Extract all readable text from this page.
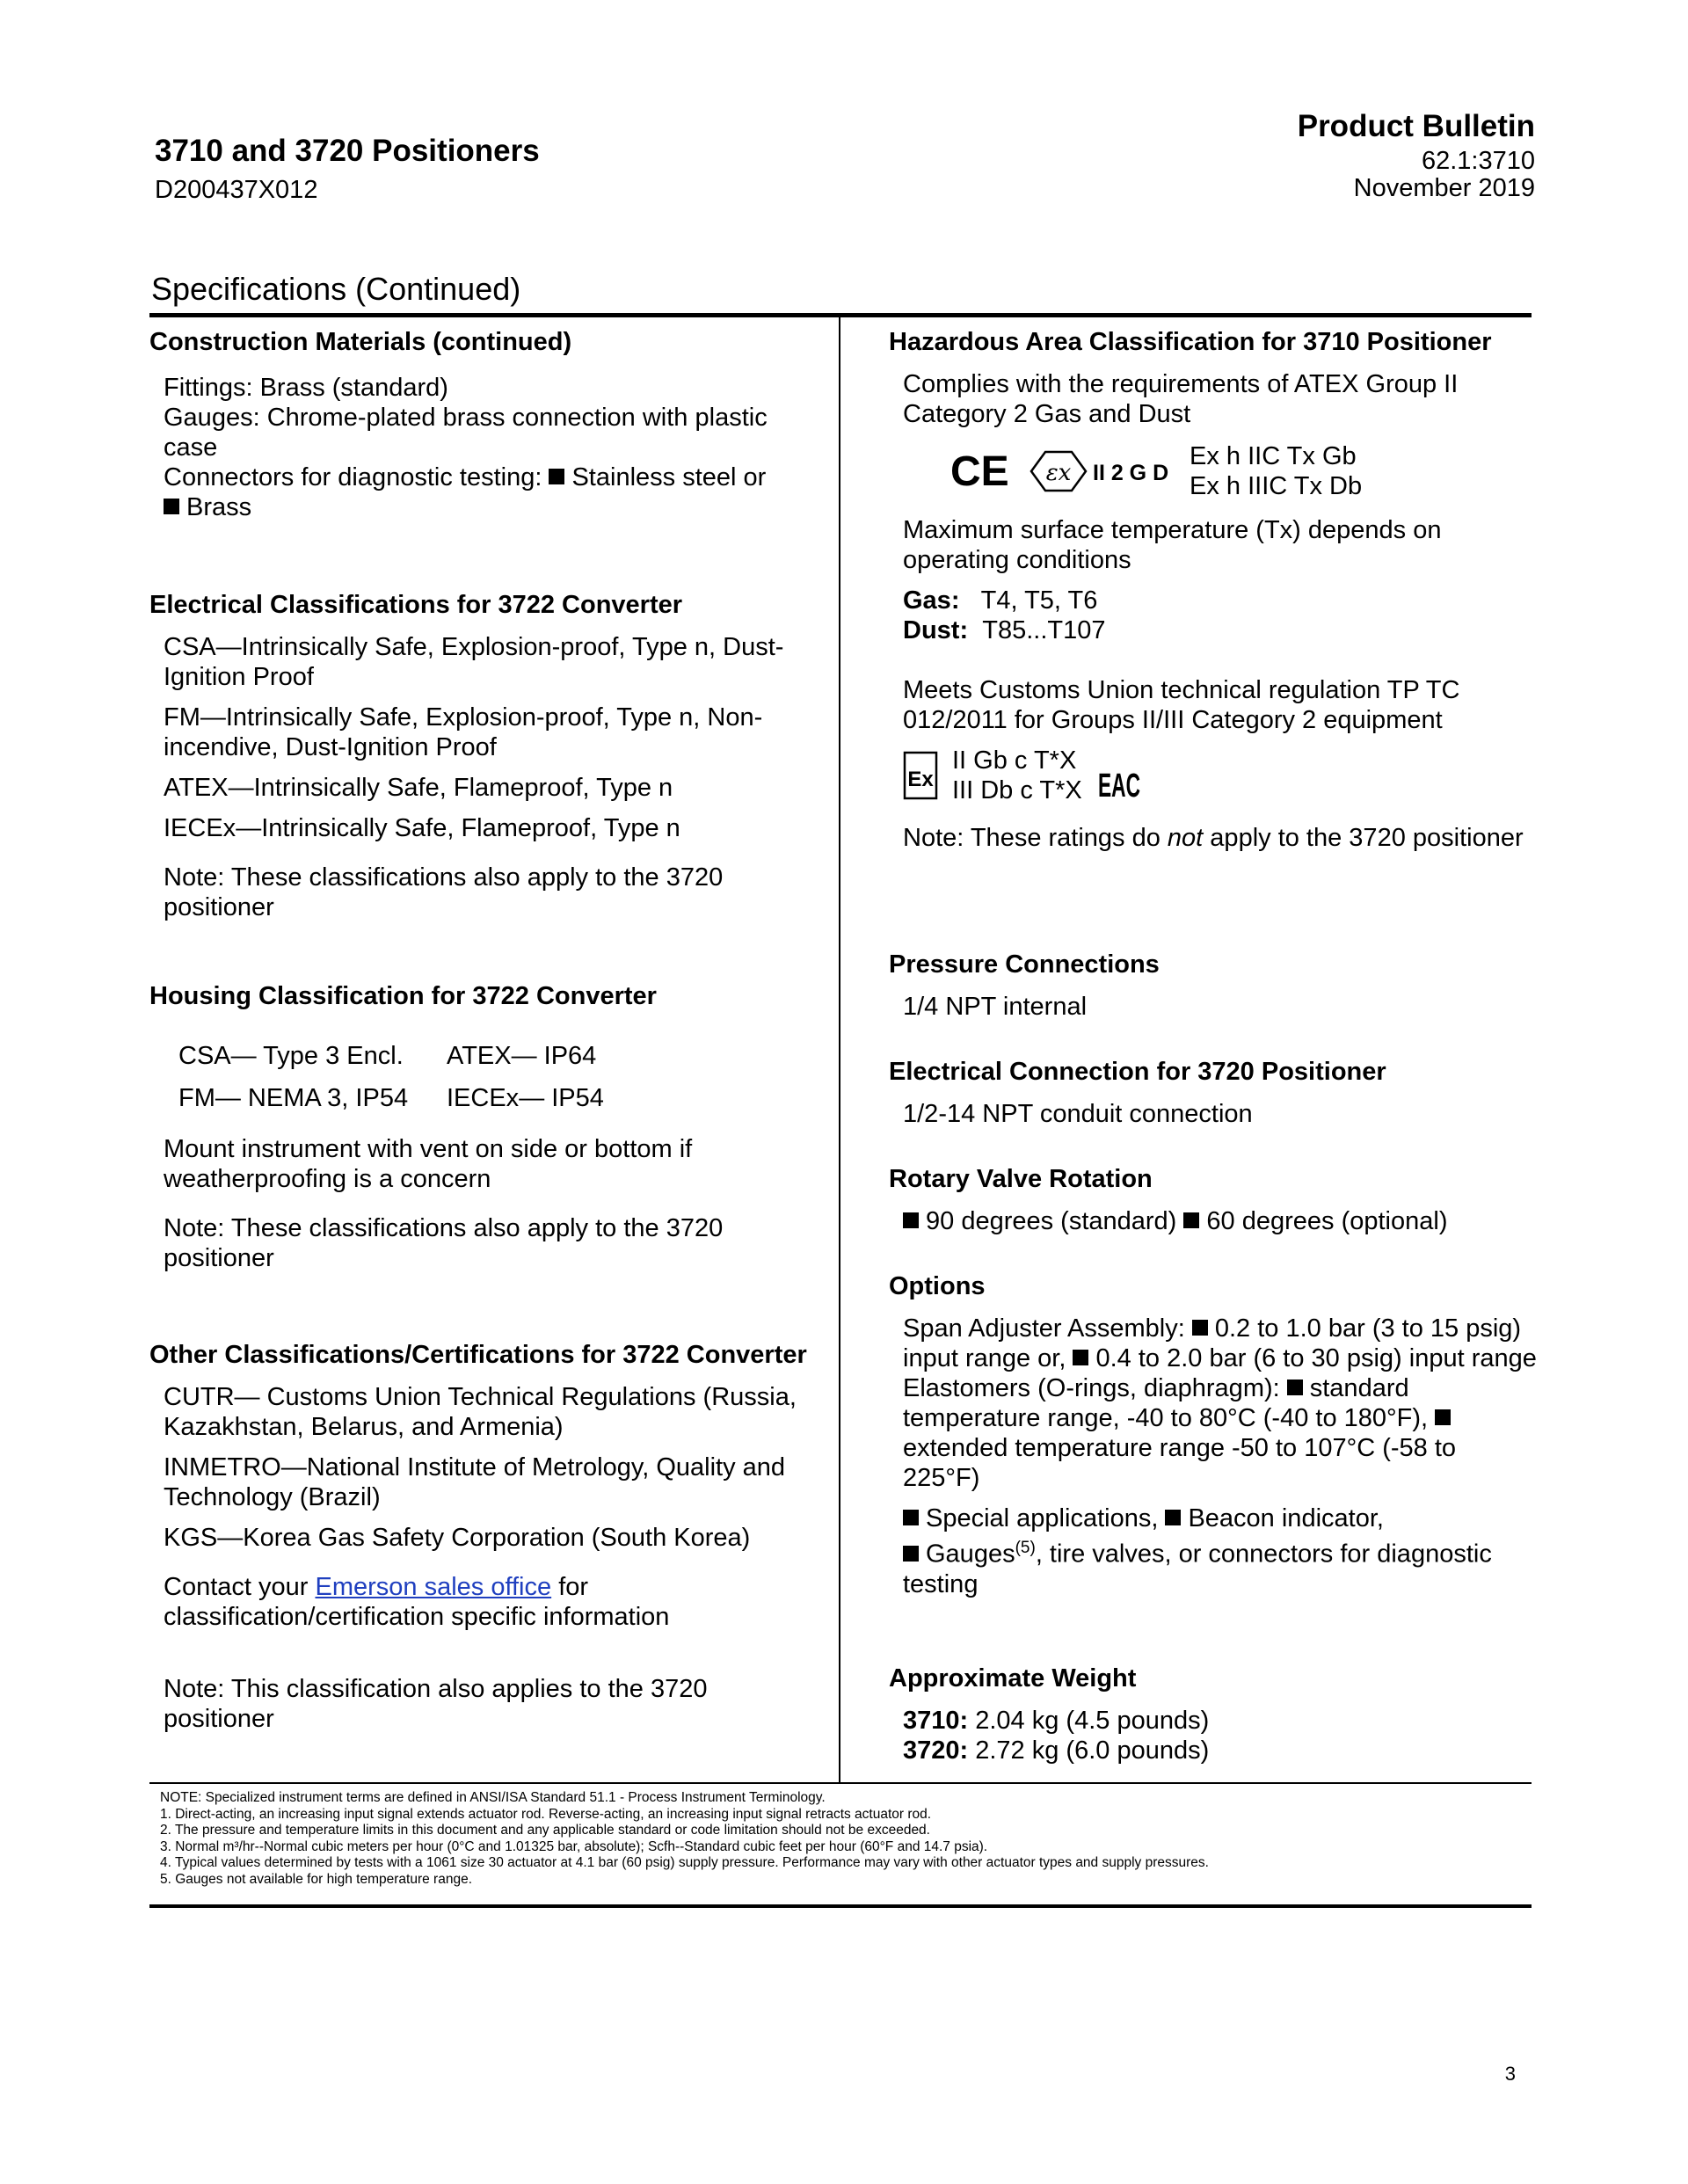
3710 and 3720 Positioners
D200437X012
Product Bulletin
62.1:3710
November 2019
Specifications (Continued)
Construction Materials (continued)
Fittings: Brass (standard)
Gauges: Chrome-plated brass connection with plastic case
Connectors for diagnostic testing: Stainless steel or
Brass
Electrical Classifications for 3722 Converter
CSA—Intrinsically Safe, Explosion-proof, Type n, Dust-Ignition Proof
FM—Intrinsically Safe, Explosion-proof, Type n, Non-incendive, Dust-Ignition Proof
ATEX—Intrinsically Safe, Flameproof, Type n
IECEx—Intrinsically Safe, Flameproof, Type n
Note: These classifications also apply to the 3720 positioner
Housing Classification for 3722 Converter
CSA— Type 3 Encl.	ATEX— IP64
FM— NEMA 3, IP54	IECEx— IP54
Mount instrument with vent on side or bottom if weatherproofing is a concern
Note: These classifications also apply to the 3720 positioner
Other Classifications/Certifications for 3722 Converter
CUTR— Customs Union Technical Regulations (Russia, Kazakhstan, Belarus, and Armenia)
INMETRO—National Institute of Metrology, Quality and Technology (Brazil)
KGS—Korea Gas Safety Corporation (South Korea)
Contact your Emerson sales office for classification/certification specific information
Note: This classification also applies to the 3720 positioner
Hazardous Area Classification for 3710 Positioner
Complies with the requirements of ATEX Group II Category 2 Gas and Dust
CE εx II 2 G D
Ex h IIC Tx Gb
Ex h IIIC Tx Db
Maximum surface temperature (Tx) depends on operating conditions
Gas: T4, T5, T6
Dust: T85...T107
Meets Customs Union technical regulation TP TC 012/2011 for Groups II/III Category 2 equipment
Ex
II Gb c T*X
III Db c T*X EAC
Note: These ratings do not apply to the 3720 positioner
Pressure Connections
1/4 NPT internal
Electrical Connection for 3720 Positioner
1/2-14 NPT conduit connection
Rotary Valve Rotation
90 degrees (standard) 60 degrees (optional)
Options
Span Adjuster Assembly: 0.2 to 1.0 bar (3 to 15 psig) input range or, 0.4 to 2.0 bar (6 to 30 psig) input range
Elastomers (O-rings, diaphragm): standard temperature range, -40 to 80°C (-40 to 180°F), extended temperature range -50 to 107°C (-58 to 225°F)
Special applications, Beacon indicator,
Gauges$^{(5)}$, tire valves, or connectors for diagnostic testing
Approximate Weight
3710: 2.04 kg (4.5 pounds)
3720: 2.72 kg (6.0 pounds)
NOTE: Specialized instrument terms are defined in ANSI/ISA Standard 51.1 - Process Instrument Terminology.
1. Direct-acting, an increasing input signal extends actuator rod. Reverse-acting, an increasing input signal retracts actuator rod.
2. The pressure and temperature limits in this document and any applicable standard or code limitation should not be exceeded.
3. Normal m³/hr--Normal cubic meters per hour (0°C and 1.01325 bar, absolute); Scfh--Standard cubic feet per hour (60°F and 14.7 psia).
4. Typical values determined by tests with a 1061 size 30 actuator at 4.1 bar (60 psig) supply pressure. Performance may vary with other actuator types and supply pressures.
5. Gauges not available for high temperature range.
3
